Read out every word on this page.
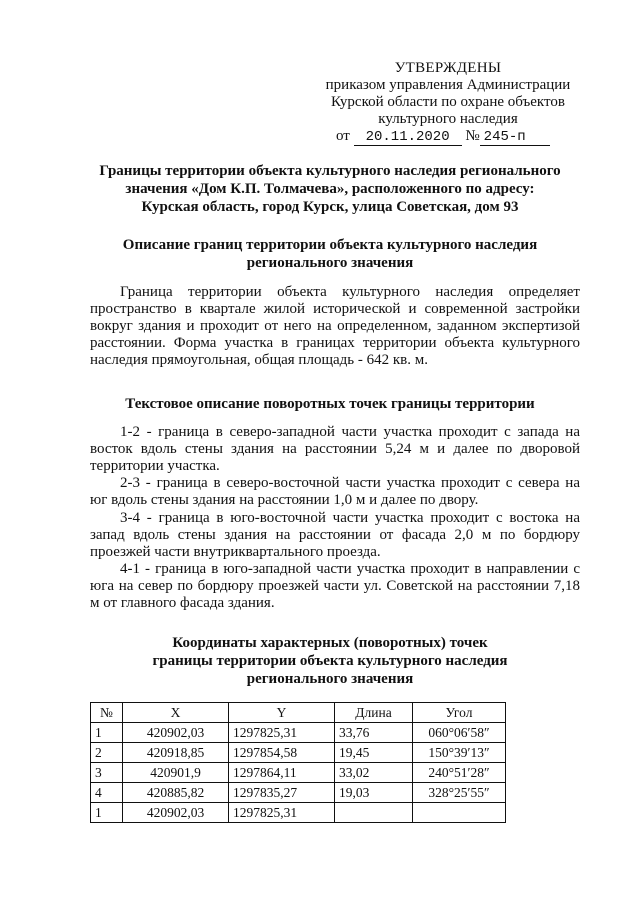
УТВЕРЖДЕНЫ
приказом управления Администрации
Курской области по охране объектов
культурного наследия
от 20.11.2020 № 245-п
Границы территории объекта культурного наследия регионального
значения «Дом К.П. Толмачева», расположенного по адресу:
Курская область, город Курск, улица Советская, дом 93
Описание границ территории объекта культурного наследия
регионального значения

Граница территории объекта культурного наследия определяет пространство в квартале жилой исторической и современной застройки вокруг здания и проходит от него на определенном, заданном экспертизой расстоянии. Форма участка в границах территории объекта культурного наследия прямоугольная, общая площадь - 642 кв. м.

Текстовое описание поворотных точек границы территории

1-2 - граница в северо-западной части участка проходит с запада на восток вдоль стены здания на расстоянии 5,24 м и далее по дворовой территории участка.

2-3 - граница в северо-восточной части участка проходит с севера на юг вдоль стены здания на расстоянии 1,0 м и далее по двору.

3-4 - граница в юго-восточной части участка проходит с востока на запад вдоль стены здания на расстоянии от фасада 2,0 м по бордюру проезжей части внутриквартального проезда.

4-1 - граница в юго-западной части участка проходит в направлении с юга на север по бордюру проезжей части ул. Советской на расстоянии 7,18 м от главного фасада здания.

Координаты характерных (поворотных) точек
границы территории объекта культурного наследия
регионального значения
№	X	Y	Длина	Угол
1	420902,03	1297825,31	33,76	060°06′58″
2	420918,85	1297854,58	19,45	150°39′13″
3	420901,9	1297864,11	33,02	240°51′28″
4	420885,82	1297835,27	19,03	328°25′55″
1	420902,03	1297825,31		
